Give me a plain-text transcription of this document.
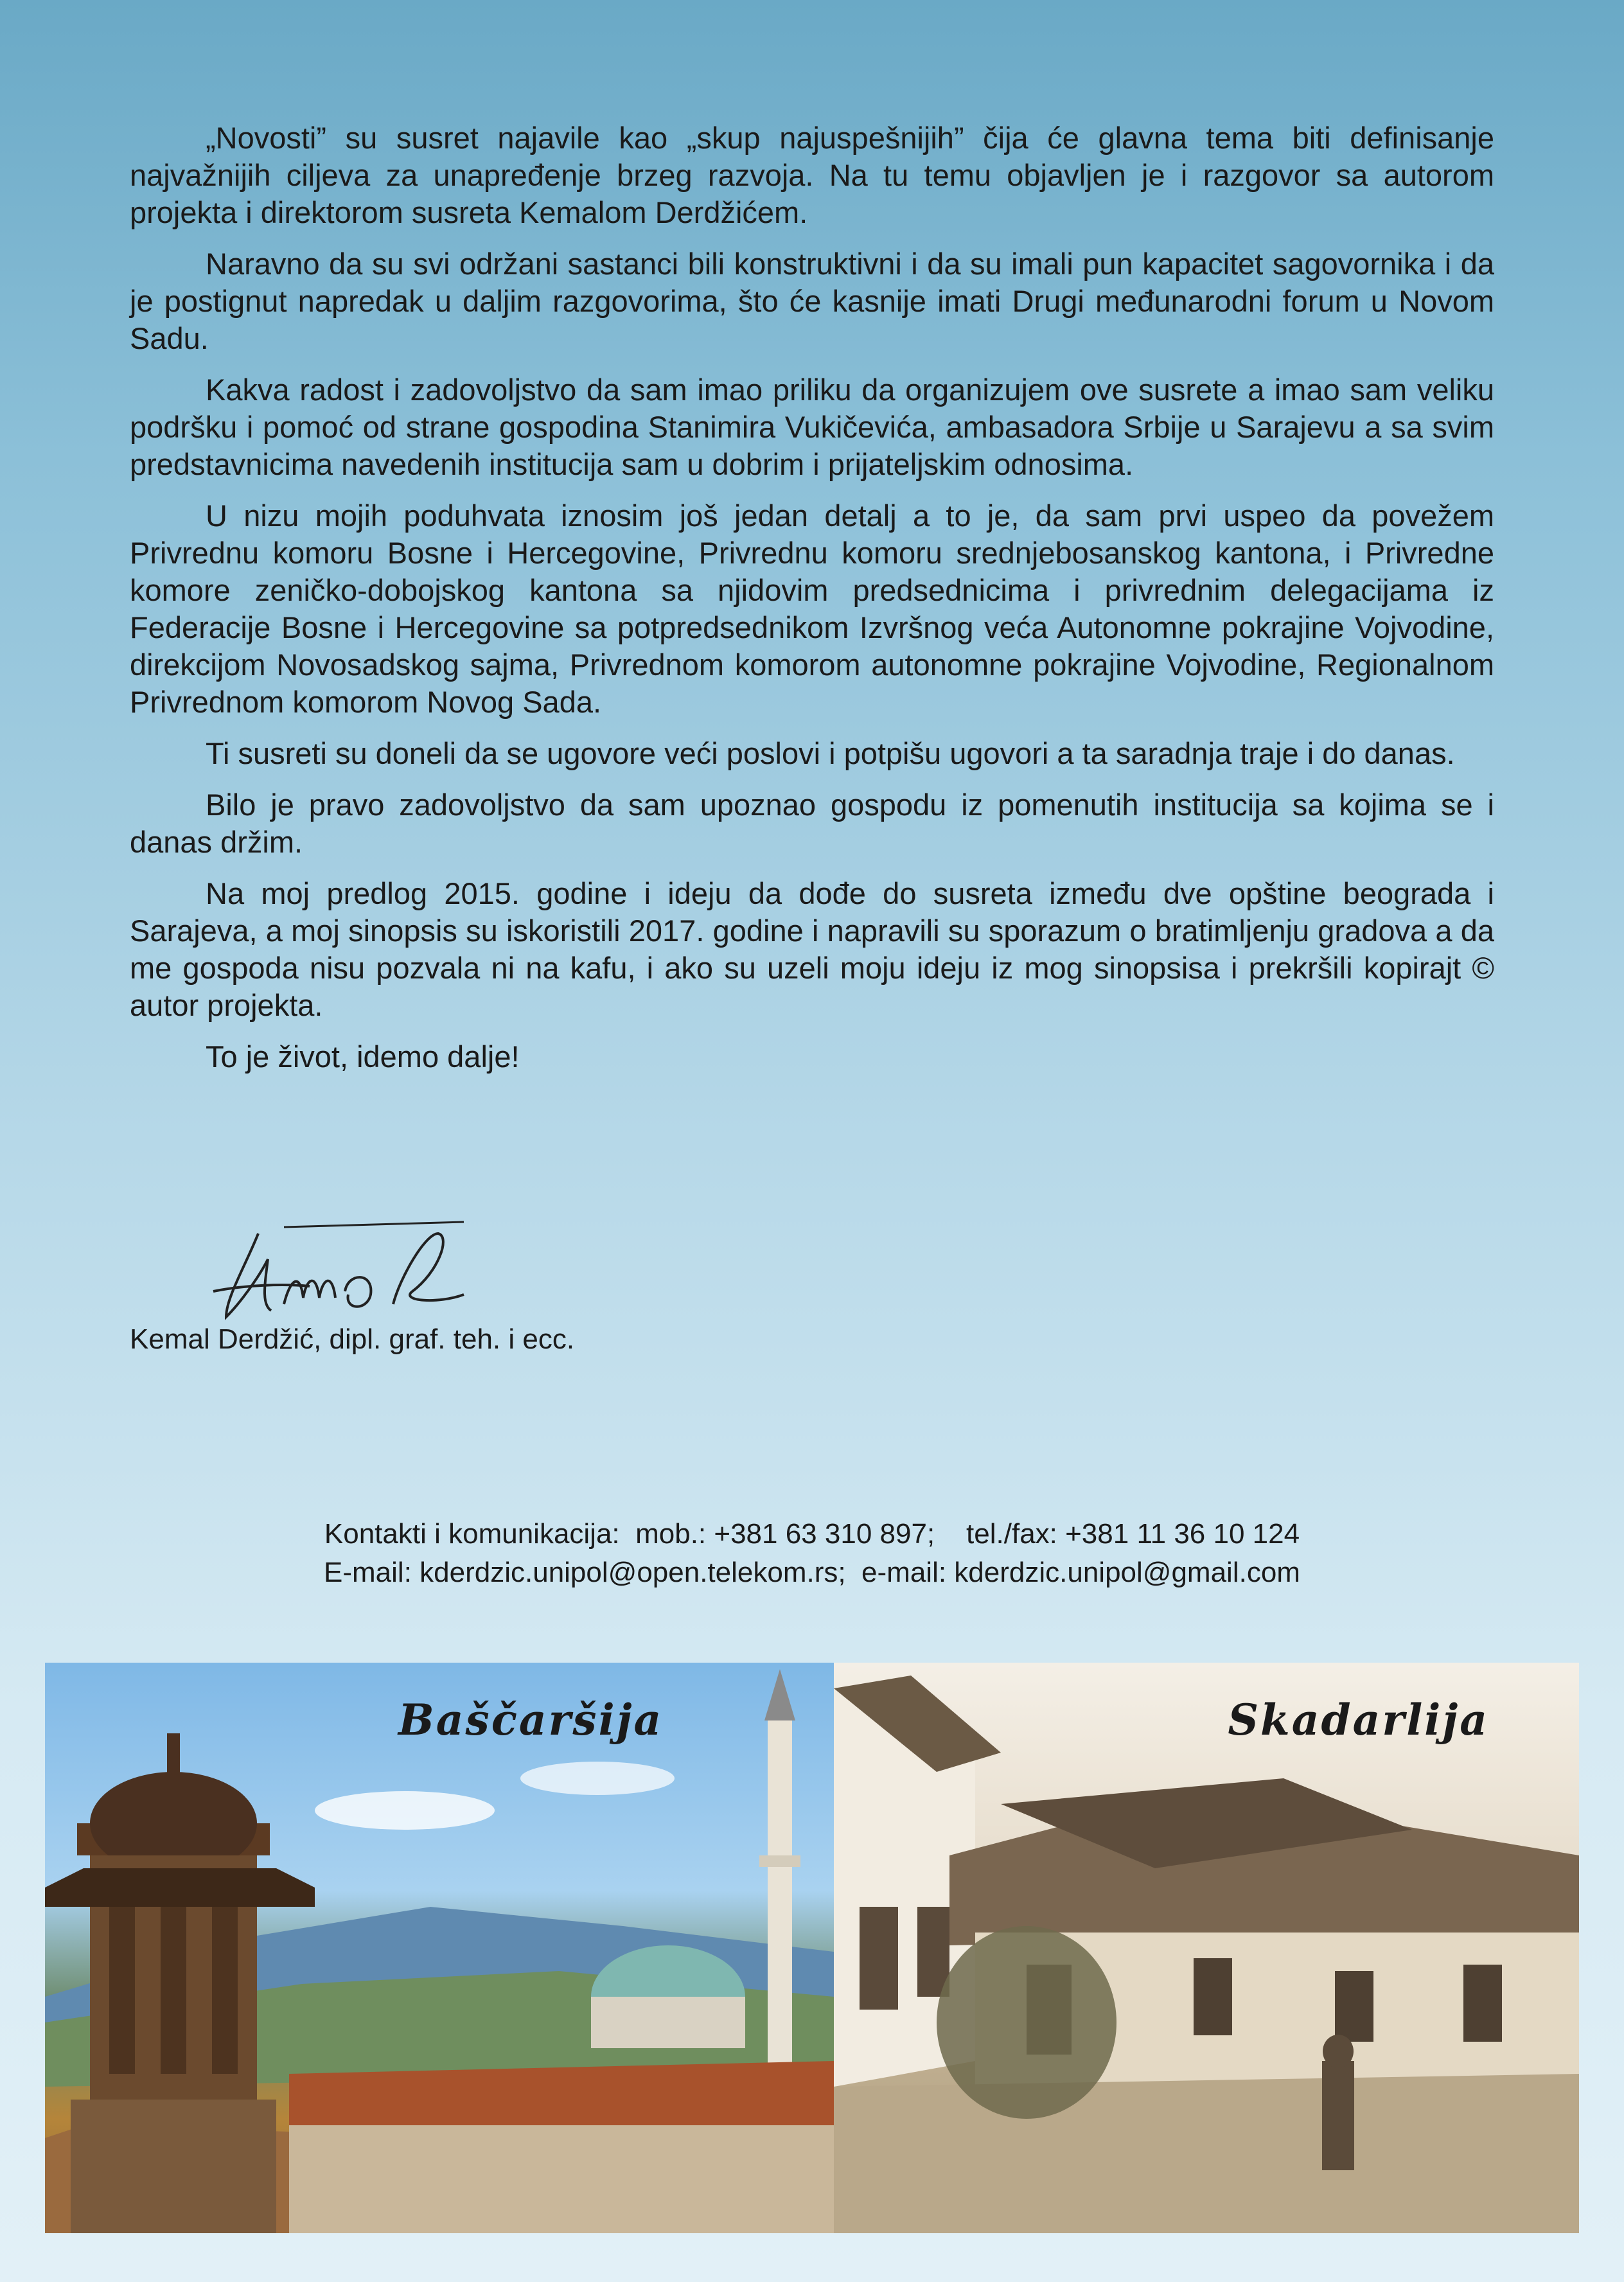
„Novosti” su susret najavile kao „skup najuspešnijih” čija će glavna tema biti definisanje najvažnijih ciljeva za unapređenje brzeg razvoja. Na tu temu objavljen je i razgovor sa autorom projekta i direktorom susreta Kemalom Derdžićem.

Naravno da su svi održani sastanci bili konstruktivni i da su imali pun kapacitet sagovornika i da je postignut napredak u daljim razgovorima, što će kasnije imati Drugi međunarodni forum u Novom Sadu.

Kakva radost i zadovoljstvo da sam imao priliku da organizujem ove susrete a imao sam veliku podršku i pomoć od strane gospodina Stanimira Vukičevića, ambasadora Srbije u Sarajevu a sa svim predstavnicima navedenih institucija sam u dobrim i prijateljskim odnosima.

U nizu mojih poduhvata iznosim još jedan detalj a to je, da sam prvi uspeo da povežem Privrednu komoru Bosne i Hercegovine, Privrednu komoru srednjebosanskog kantona, i Privredne komore zeničko-dobojskog kantona sa njidovim predsednicima i privrednim delegacijama iz Federacije Bosne i Hercegovine sa potpredsednikom Izvršnog veća Autonomne pokrajine Vojvodine, direkcijom Novosadskog sajma, Privrednom komorom autonomne pokrajine Vojvodine, Regionalnom Privrednom komorom Novog Sada.

Ti susreti su doneli da se ugovore veći poslovi i potpišu ugovori a ta saradnja traje i do danas.

Bilo je pravo zadovoljstvo da sam upoznao gospodu iz pomenutih institucija sa kojima se i danas držim.

Na moj predlog 2015. godine i ideju da dođe do susreta između dve opštine beograda i Sarajeva, a moj sinopsis su iskoristili 2017. godine i napravili su sporazum o bratimljenju gradova a da me gospoda nisu pozvala ni na kafu, i ako su uzeli moju ideju iz mog sinopsisa i prekršili kopirajt © autor projekta.

To je život, idemo dalje!

Kemal Derdžić, dipl. graf. teh. i ecc.
Kontakti i komunikacija:  mob.: +381 63 310 897;    tel./fax: +381 11 36 10 124
E-mail: kderdzic.unipol@open.telekom.rs;  e-mail: kderdzic.unipol@gmail.com
Baščaršija	Skadarlija
